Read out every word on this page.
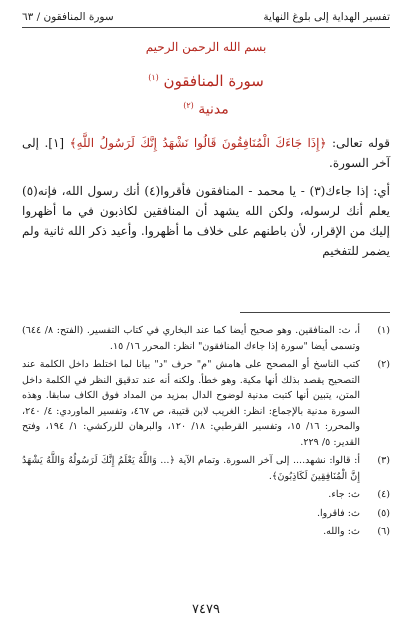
تفسير الهداية إلى بلوغ النهاية
سورة المنافقون / ٦٣
بسم الله الرحمن الرحيم
سورة المنافقون $^{(١)}$
مدنية $^{(٢)}$

قوله تعالى: ﴿إِذَا جَاءَكَ الْمُنَافِقُونَ قَالُوا نَشْهَدُ إِنَّكَ لَرَسُولُ اللَّهِ﴾ [١]. إلى آخر السورة.

أي: إذا جاءك(٣) - يا محمد - المنافقون فأقروا(٤) أنك رسول الله، فإنه(٥) يعلم أنك لرسوله، ولكن الله يشهد أن المنافقين لكاذبون في ما أظهروا إليك من الإقرار، لأن باطنهم على خلاف ما أظهروا. وأعيد ذكر الله ثانية ولم يضمر للتفخيم

(١)
أ، ث: المنافقين. وهو صحيح أيضا كما عند البخاري في كتاب التفسير. (الفتح: ٨/ ٦٤٤) وتسمى أيضا "سورة إذا جاءك المنافقون" انظر: المحرر ١٦/ ١٥.
(٢)
كتب الناسخ أو المصحح على هامش "م" حرف "د" بيانا لما اختلط داخل الكلمة عند التصحيح يقصد بذلك أنها مكية. وهو خطأ. ولكنه أنه عند تدقيق النظر في الكلمة داخل المتن، يتبين أنها كتبت مدنية لوضوح الدال بمزيد من المداد فوق الكاف سابقا. وهذه السورة مدنية بالإجماع: انظر: الغريب لابن قتيبة، ص ٤٦٧، وتفسير الماوردي: ٤/ ٢٤٠، والمحرر: ١٦/ ١٥، وتفسير القرطبي: ١٨/ ١٢٠، والبرهان للزركشي: ١/ ١٩٤، وفتح القدير: ٥/ ٢٢٩.
(٣)
أ: قالوا: نشهد.... إلى آخر السورة. وتمام الآية ﴿... وَاللَّهُ يَعْلَمُ إِنَّكَ لَرَسُولُهُ وَاللَّهُ يَشْهَدُ إِنَّ الْمُنَافِقِينَ لَكَاذِبُونَ﴾.
(٤)
ث: جاء.
(٥)
ث: فاقروا.
(٦)
ث: والله.
٧٤٧٩
